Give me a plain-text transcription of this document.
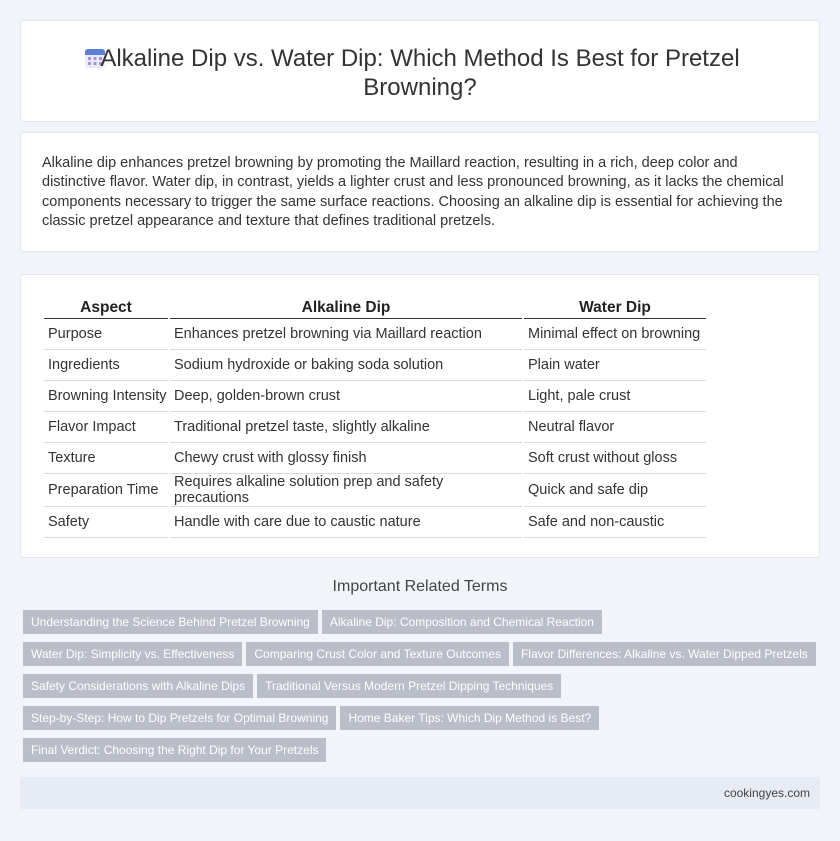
Alkaline Dip vs. Water Dip: Which Method Is Best for Pretzel
Browning?

Alkaline dip enhances pretzel browning by promoting the Maillard reaction, resulting in a rich, deep color and distinctive flavor. Water dip, in contrast, yields a lighter crust and less pronounced browning, as it lacks the chemical components necessary to trigger the same surface reactions. Choosing an alkaline dip is essential for achieving the classic pretzel appearance and texture that defines traditional pretzels.

Aspect	Alkaline Dip	Water Dip
Purpose	Enhances pretzel browning via Maillard reaction	Minimal effect on browning
Ingredients	Sodium hydroxide or baking soda solution	Plain water
Browning Intensity	Deep, golden-brown crust	Light, pale crust
Flavor Impact	Traditional pretzel taste, slightly alkaline	Neutral flavor
Texture	Chewy crust with glossy finish	Soft crust without gloss
Preparation Time	Requires alkaline solution prep and safety precautions	Quick and safe dip
Safety	Handle with care due to caustic nature	Safe and non-caustic
Important Related Terms
Understanding the Science Behind Pretzel Browning Alkaline Dip: Composition and Chemical Reaction
Water Dip: Simplicity vs. Effectiveness Comparing Crust Color and Texture Outcomes Flavor Differences: Alkaline vs. Water Dipped Pretzels
Safety Considerations with Alkaline Dips Traditional Versus Modern Pretzel Dipping Techniques
Step-by-Step: How to Dip Pretzels for Optimal Browning Home Baker Tips: Which Dip Method is Best?
Final Verdict: Choosing the Right Dip for Your Pretzels
cookingyes.com
